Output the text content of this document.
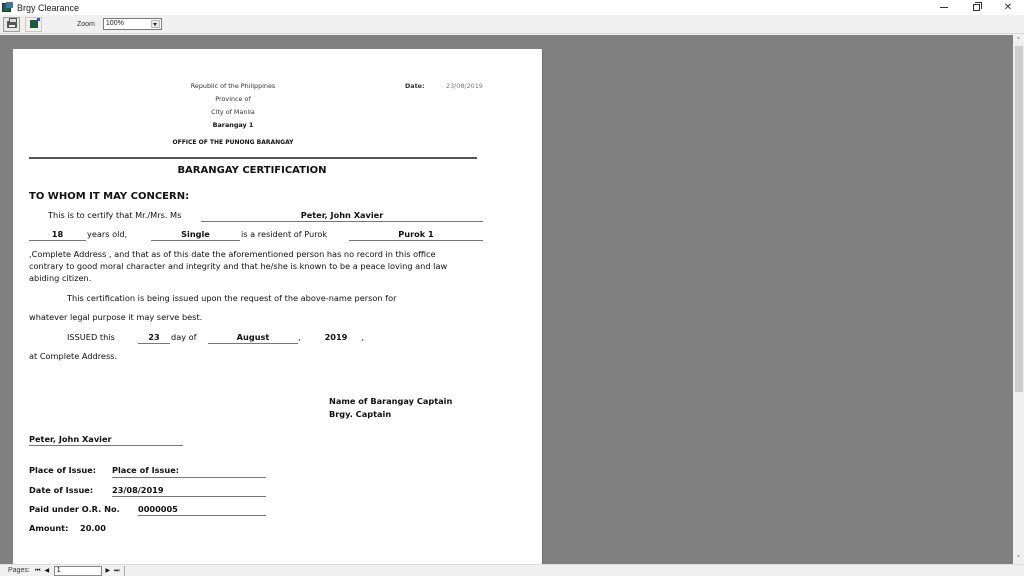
Brgy Clearance	✕
Zoom	100%
Republic of the Philippines
Province of
City of Manila
Barangay 1
OFFICE OF THE PUNONG BARANGAY
Date:	23/08/2019
BARANGAY CERTIFICATION
TO WHOM IT MAY CONCERN:
This is to certify that Mr./Mrs. Ms	Peter, John Xavier
18	years old,	Single	is a resident of Purok	Purok 1
,Complete Address , and that as of this date the aforementioned person has no record in this office
contrary to good moral character and integrity and that he/she is known to be a peace loving and law
abiding citizen.
This certification is being issued upon the request of the above-name person for
whatever legal purpose it may serve best.
ISSUED this	23	day of	August	,	2019	,
at Complete Address.
Name of Barangay Captain
Brgy. Captain
Peter, John Xavier
Place of Issue: Place of Issue:
Date of Issue: 23/08/2019
Paid under O.R. No. 0000005
Amount: 20.00
˄
˅
Pages: ⏮ ◀	1	▶ ⏭
